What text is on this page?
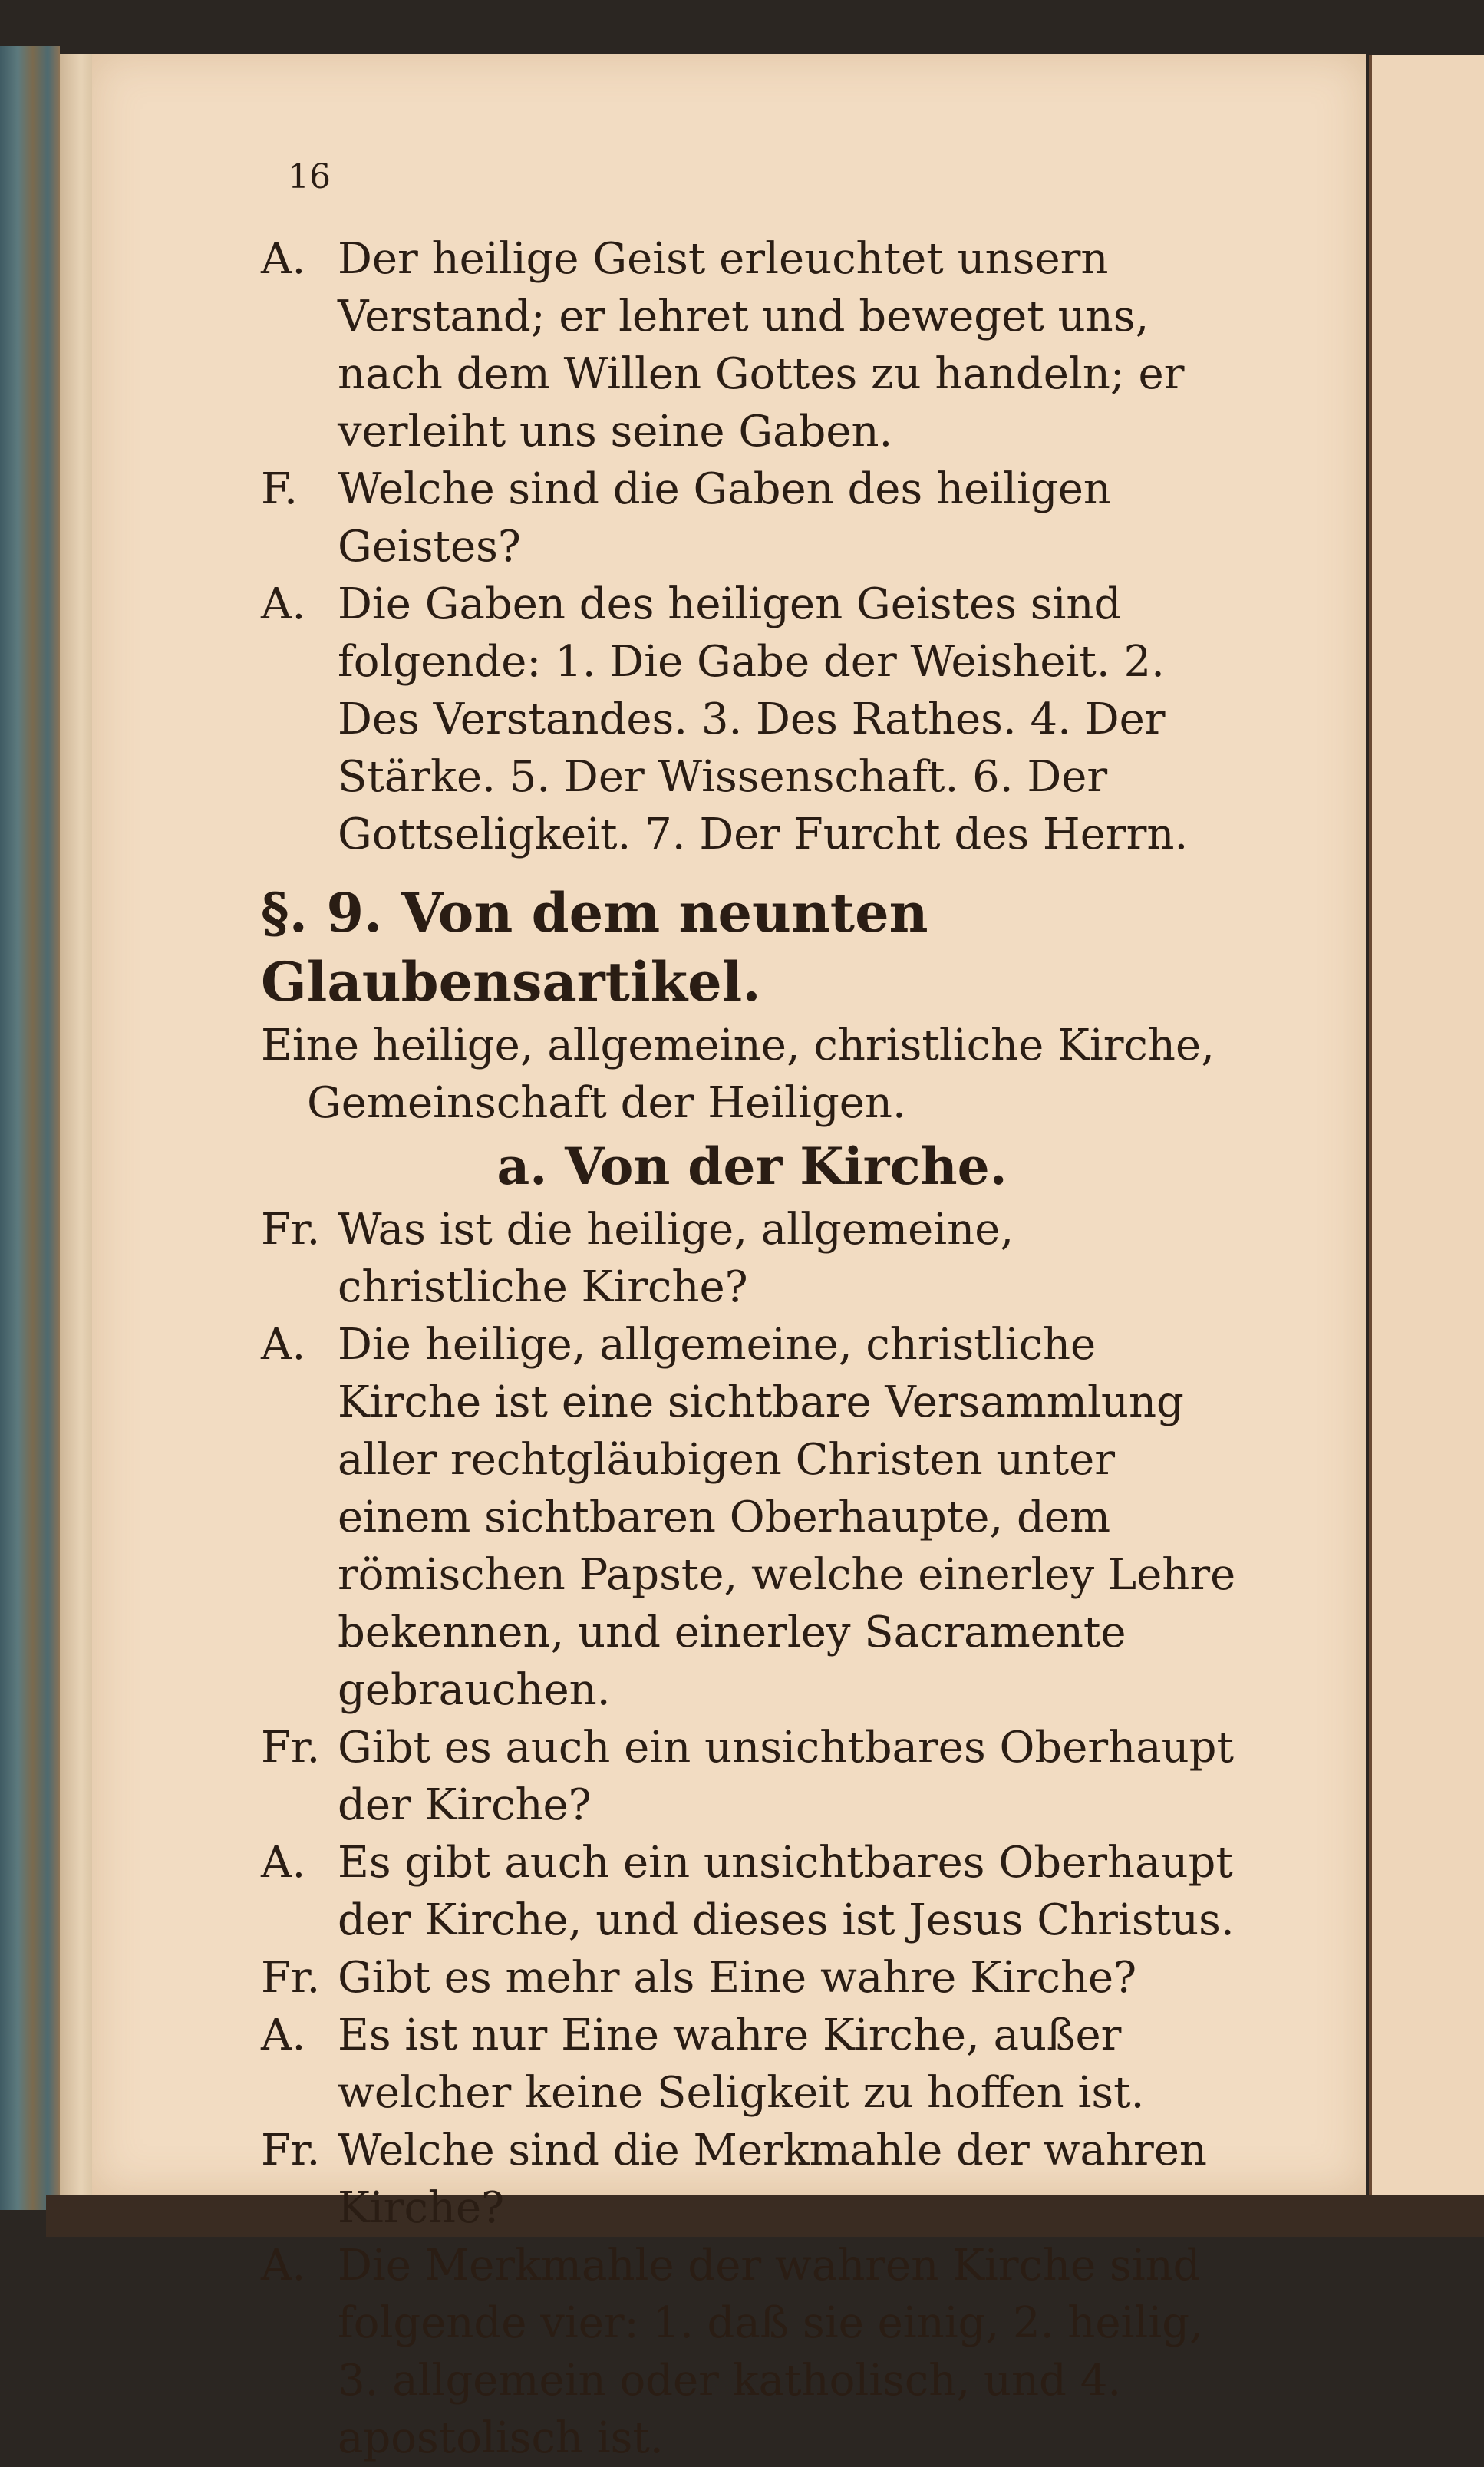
16
A. Der heilige Geist erleuchtet unsern Verstand; er lehret und beweget uns, nach dem Willen Gottes zu handeln; er verleiht uns seine Gaben.
F. Welche sind die Gaben des heiligen Geistes?
A. Die Gaben des heiligen Geistes sind folgende: 1. Die Gabe der Weisheit. 2. Des Verstandes. 3. Des Rathes. 4. Der Stärke. 5. Der Wissenschaft. 6. Der Gottseligkeit. 7. Der Furcht des Herrn.
§. 9. Von dem neunten Glaubensartikel.
Eine heilige, allgemeine, christliche Kirche, Gemeinschaft der Heiligen.
a. Von der Kirche.
Fr. Was ist die heilige, allgemeine, christliche Kirche?
A. Die heilige, allgemeine, christliche Kirche ist eine sichtbare Versammlung aller rechtgläubigen Christen unter einem sichtbaren Oberhaupte, dem römischen Papste, welche einerley Lehre bekennen, und einerley Sacramente gebrauchen.
Fr. Gibt es auch ein unsichtbares Oberhaupt der Kirche?
A. Es gibt auch ein unsichtbares Oberhaupt der Kirche, und dieses ist Jesus Christus.
Fr. Gibt es mehr als Eine wahre Kirche?
A. Es ist nur Eine wahre Kirche, außer welcher keine Seligkeit zu hoffen ist.
Fr. Welche sind die Merkmahle der wahren Kirche?
A. Die Merkmahle der wahren Kirche sind folgende vier: 1. daß sie einig, 2. heilig, 3. allgemein oder katholisch, und 4. apostolisch ist.
